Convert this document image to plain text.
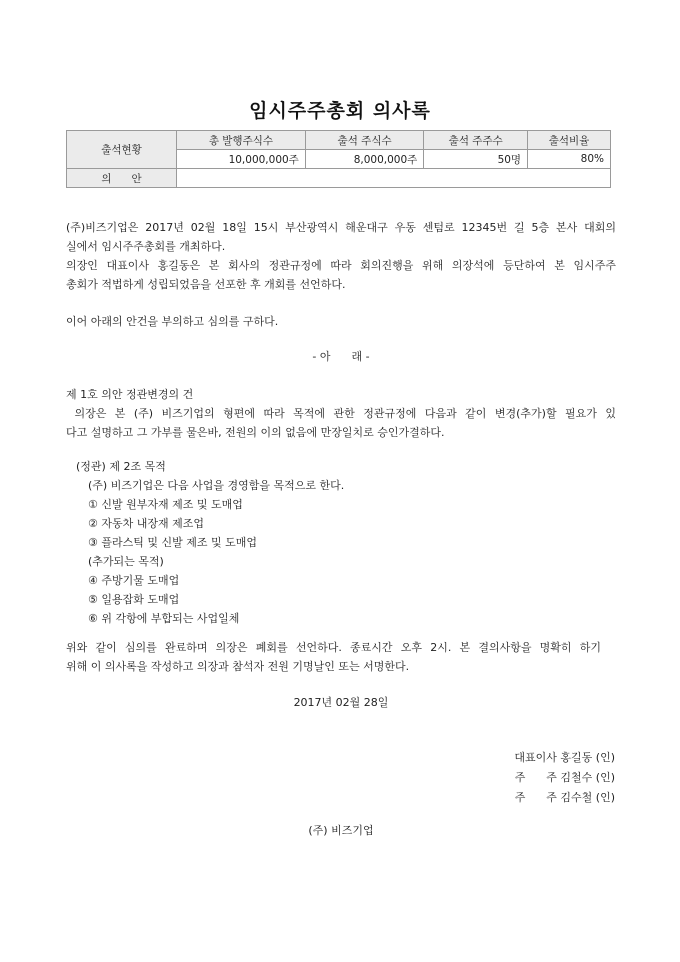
임시주주총회 의사록
출석현황	총 발행주식수	출석 주식수	출석 주주수	출석비율
	10,000,000주	8,000,000주	50명	80%
의      안				

(주)비즈기업은 2017년 02월 18일 15시 부산광역시 해운대구 우동 센텀로 12345번 길 5층 본사 대회의

실에서 임시주주총회를 개최하다.

의장인 대표이사 홍길동은 본 회사의 정관규정에 따라 회의진행을 위해 의장석에 등단하여 본 임시주주

총회가 적법하게 성립되었음을 선포한 후 개회를 선언하다.

이어 아래의 안건을 부의하고 심의를 구하다.

- 아      래 -

제 1호 의안 정관변경의 건

의장은 본 (주) 비즈기업의 형편에 따라 목적에 관한 정관규정에 다음과 같이 변경(추가)할 필요가 있

다고 설명하고 그 가부를 물은바, 전원의 이의 없음에 만장일치로 승인가결하다.

(정관) 제 2조 목적

(주) 비즈기업은 다음 사업을 경영함을 목적으로 한다.

① 신발 원부자재 제조 및 도매업

② 자동차 내장재 제조업

③ 플라스틱 및 신발 제조 및 도매업

(추가되는 목적)

④ 주방기물 도매업

⑤ 일용잡화 도매업

⑥ 위 각항에 부합되는 사업일체

위와 같이 심의를 완료하며 의장은 폐회를 선언하다. 종료시간 오후 2시. 본 결의사항을 명확히 하기

위해 이 의사록을 작성하고 의장과 참석자 전원 기명날인 또는 서명한다.

2017년 02월 28일

대표이사 홍길동 (인)

주      주 김철수 (인)

주      주 김수철 (인)

(주) 비즈기업
